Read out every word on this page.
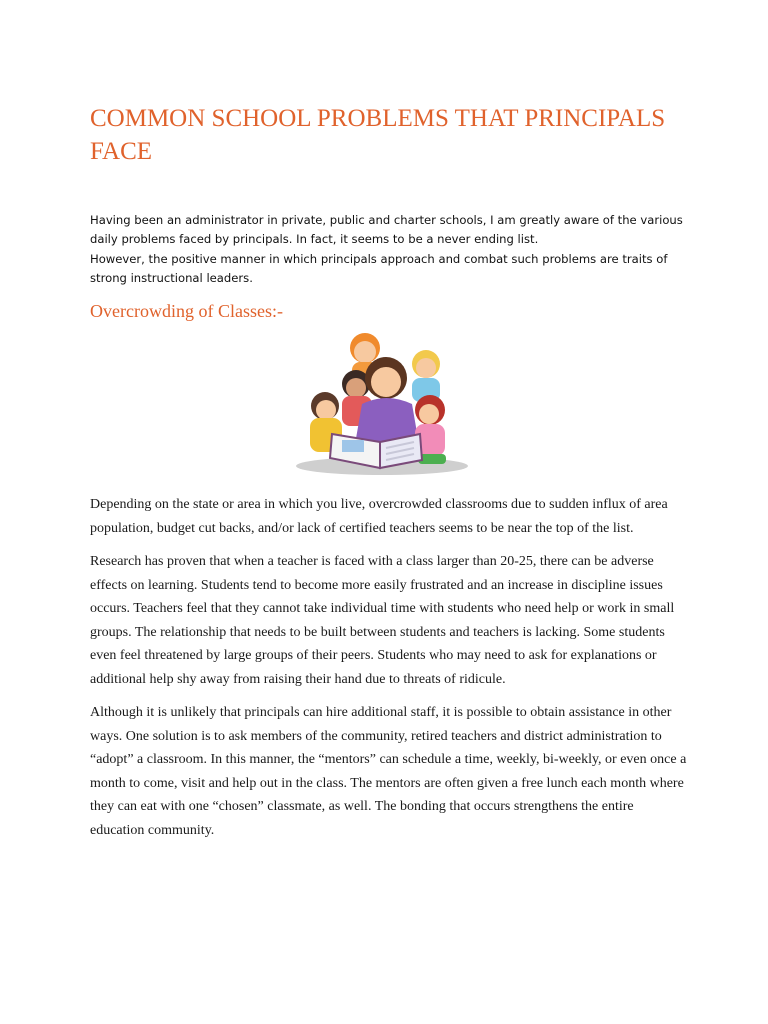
COMMON SCHOOL PROBLEMS THAT PRINCIPALS FACE

Having been an administrator in private, public and charter schools, I am greatly aware of the various daily problems faced by principals. In fact, it seems to be a never ending list.

However, the positive manner in which principals approach and combat such problems are traits of strong instructional leaders.

Overcrowding of Classes:-

Depending on the state or area in which you live, overcrowded classrooms due to sudden influx of area population, budget cut backs, and/or lack of certified teachers seems to be near the top of the list.

Research has proven that when a teacher is faced with a class larger than 20-25, there can be adverse effects on learning. Students tend to become more easily frustrated and an increase in discipline issues occurs. Teachers feel that they cannot take individual time with students who need help or work in small groups. The relationship that needs to be built between students and teachers is lacking. Some students even feel threatened by large groups of their peers. Students who may need to ask for explanations or additional help shy away from raising their hand due to threats of ridicule.

Although it is unlikely that principals can hire additional staff, it is possible to obtain assistance in other ways. One solution is to ask members of the community, retired teachers and district administration to “adopt” a classroom. In this manner, the “mentors” can schedule a time, weekly, bi-weekly, or even once a month to come, visit and help out in the class. The mentors are often given a free lunch each month where they can eat with one “chosen” classmate, as well. The bonding that occurs strengthens the entire education community.
